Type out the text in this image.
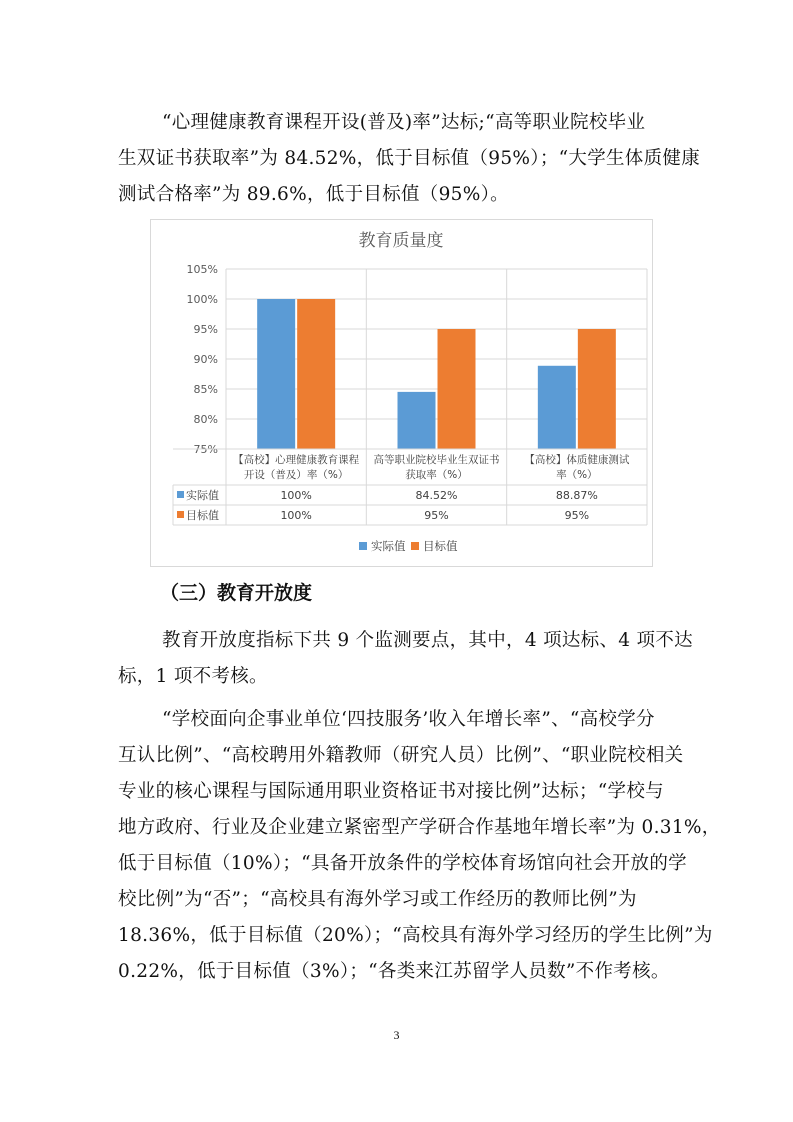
“心理健康教育课程开设(普及)率”达标;“高等职业院校毕业
生双证书获取率”为 84.52%，低于目标值（95%）；“大学生体质健康
测试合格率”为 89.6%，低于目标值（95%）。
教育质量度
75%
80%
85%
90%
95%
100%
105%
【高校】心理健康教育课程
开设（普及）率（%）
高等职业院校毕业生双证书
获取率（%）
【高校】体质健康测试
率（%）
实际值	100%	84.52%	88.87%
目标值	100%	95%	95%
实际值 目标值
（三）教育开放度
教育开放度指标下共 9 个监测要点，其中，4 项达标、4 项不达
标，1 项不考核。
“学校面向企事业单位‘四技服务’收入年增长率”、“高校学分
互认比例”、“高校聘用外籍教师（研究人员）比例”、“职业院校相关
专业的核心课程与国际通用职业资格证书对接比例”达标；“学校与
地方政府、行业及企业建立紧密型产学研合作基地年增长率”为 0.31%，
低于目标值（10%）；“具备开放条件的学校体育场馆向社会开放的学
校比例”为“否”；“高校具有海外学习或工作经历的教师比例”为
18.36%，低于目标值（20%）；“高校具有海外学习经历的学生比例”为
0.22%，低于目标值（3%）；“各类来江苏留学人员数”不作考核。
3
